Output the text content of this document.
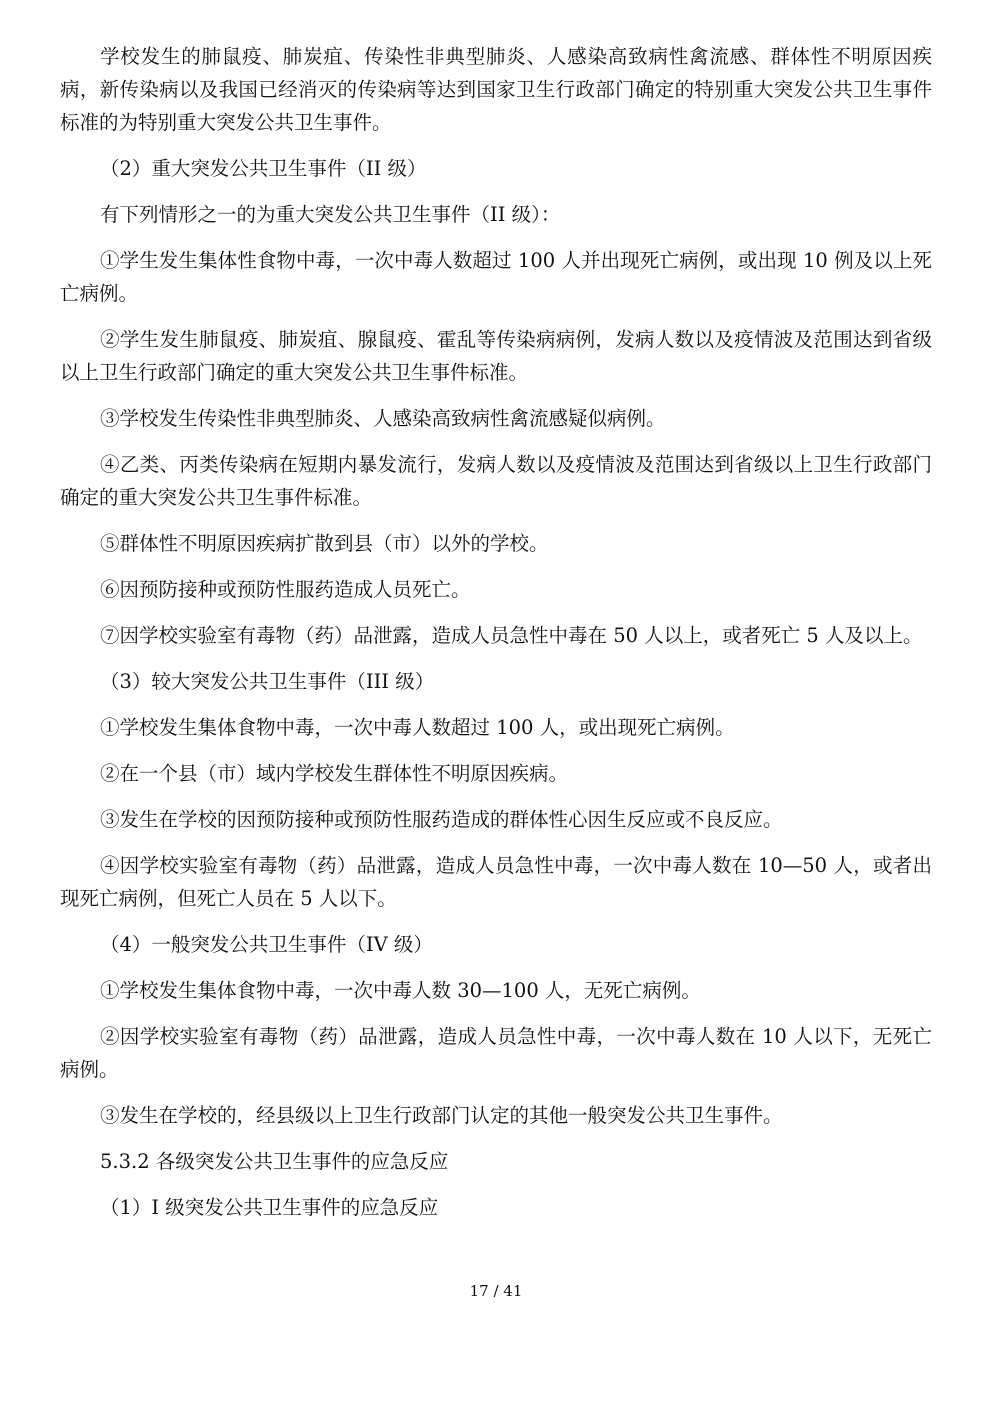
学校发生的肺鼠疫、肺炭疽、传染性非典型肺炎、人感染高致病性禽流感、群体性不明原因疾病，新传染病以及我国已经消灭的传染病等达到国家卫生行政部门确定的特别重大突发公共卫生事件标准的为特别重大突发公共卫生事件。

（2）重大突发公共卫生事件（II 级）

有下列情形之一的为重大突发公共卫生事件（II 级）：

①学生发生集体性食物中毒，一次中毒人数超过 100 人并出现死亡病例，或出现 10 例及以上死亡病例。

②学生发生肺鼠疫、肺炭疽、腺鼠疫、霍乱等传染病病例，发病人数以及疫情波及范围达到省级以上卫生行政部门确定的重大突发公共卫生事件标准。

③学校发生传染性非典型肺炎、人感染高致病性禽流感疑似病例。

④乙类、丙类传染病在短期内暴发流行，发病人数以及疫情波及范围达到省级以上卫生行政部门确定的重大突发公共卫生事件标准。

⑤群体性不明原因疾病扩散到县（市）以外的学校。

⑥因预防接种或预防性服药造成人员死亡。

⑦因学校实验室有毒物（药）品泄露，造成人员急性中毒在 50 人以上，或者死亡 5 人及以上。

（3）较大突发公共卫生事件（III 级）

①学校发生集体食物中毒，一次中毒人数超过 100 人，或出现死亡病例。

②在一个县（市）域内学校发生群体性不明原因疾病。

③发生在学校的因预防接种或预防性服药造成的群体性心因生反应或不良反应。

④因学校实验室有毒物（药）品泄露，造成人员急性中毒，一次中毒人数在 10—50 人，或者出现死亡病例，但死亡人员在 5 人以下。

（4）一般突发公共卫生事件（IV 级）

①学校发生集体食物中毒，一次中毒人数 30—100 人，无死亡病例。

②因学校实验室有毒物（药）品泄露，造成人员急性中毒，一次中毒人数在 10 人以下，无死亡病例。

③发生在学校的，经县级以上卫生行政部门认定的其他一般突发公共卫生事件。

5.3.2 各级突发公共卫生事件的应急反应

（1）I 级突发公共卫生事件的应急反应

17 / 41
